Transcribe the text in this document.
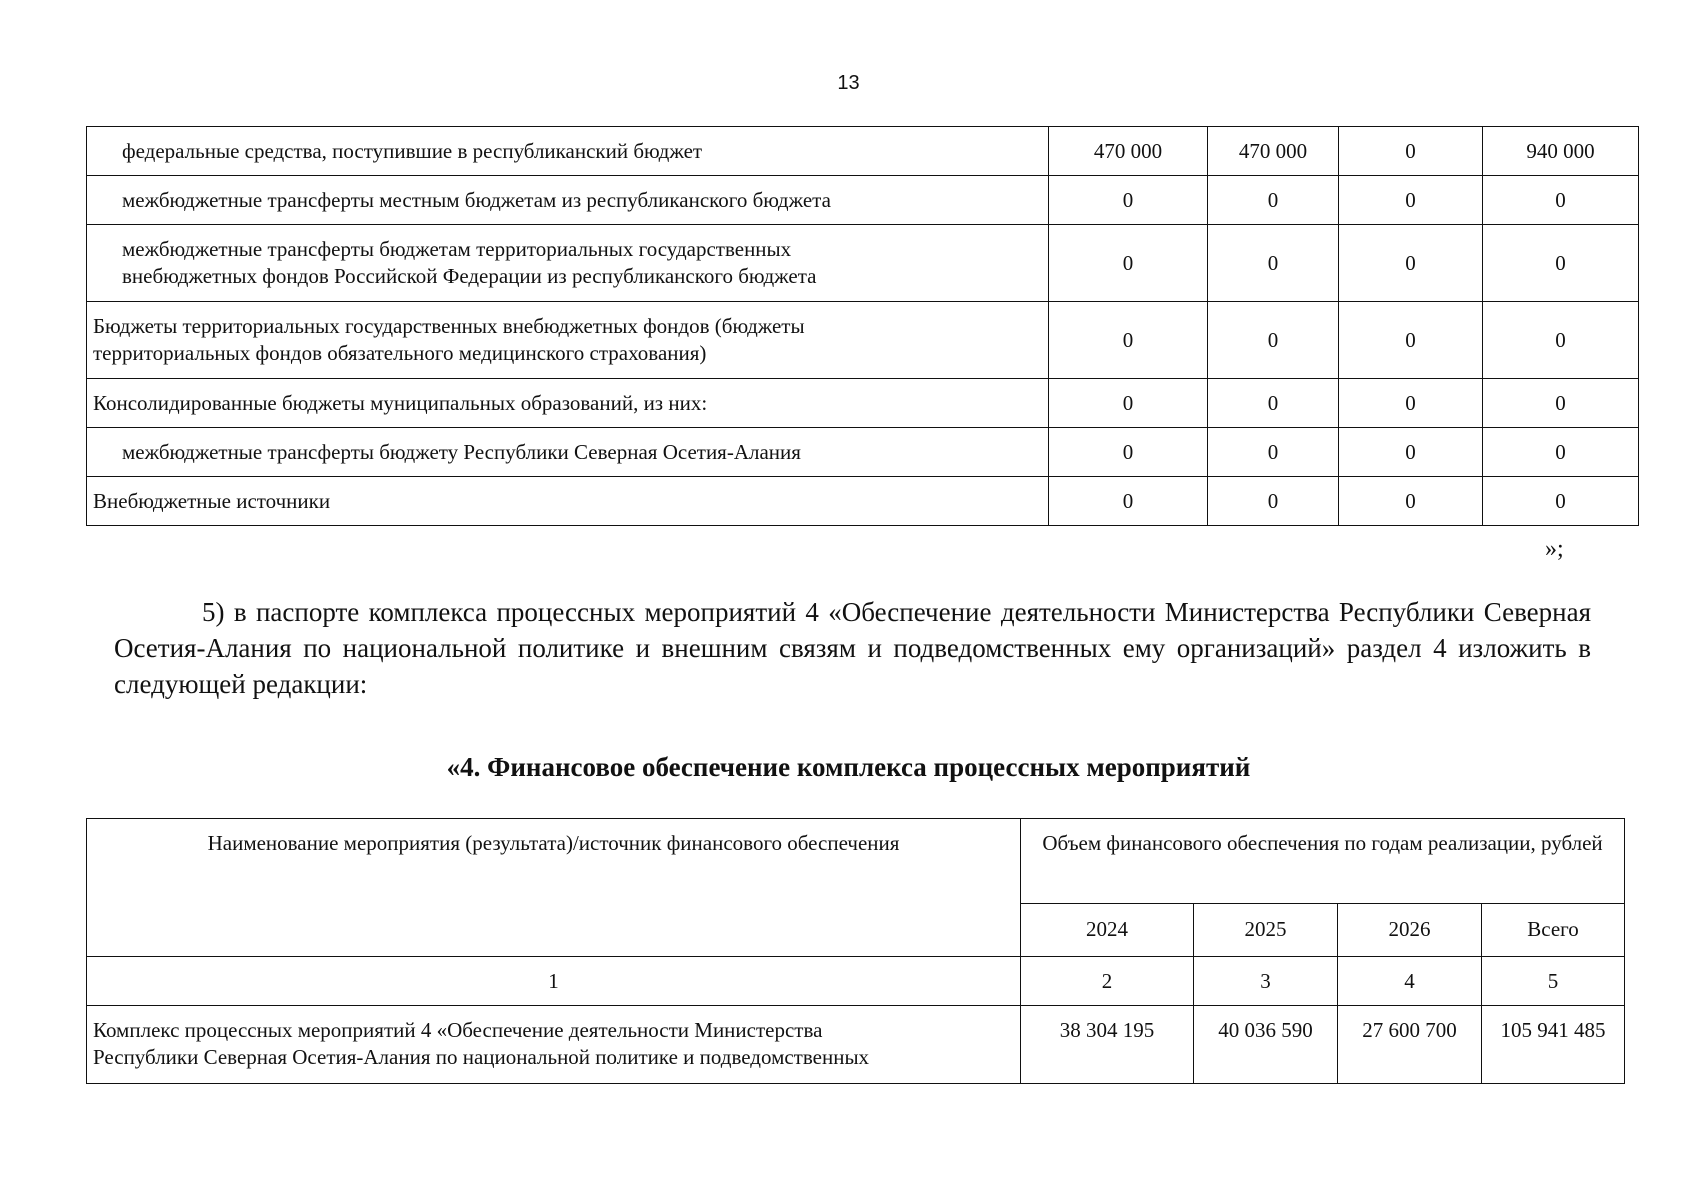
13
федеральные средства, поступившие в республиканский бюджет	470 000	470 000	0	940 000
межбюджетные трансферты местным бюджетам из республиканского бюджета	0	0	0	0
межбюджетные трансферты бюджетам территориальных государственных
внебюджетных фондов Российской Федерации из республиканского бюджета	0	0	0	0
Бюджеты территориальных государственных внебюджетных фондов (бюджеты
территориальных фондов обязательного медицинского страхования)	0	0	0	0
Консолидированные бюджеты муниципальных образований, из них:	0	0	0	0
межбюджетные трансферты бюджету Республики Северная Осетия-Алания	0	0	0	0
Внебюджетные источники	0	0	0	0
»;

5) в паспорте комплекса процессных мероприятий 4 «Обеспечение деятельности Министерства Республики Северная Осетия-Алания по национальной политике и внешним связям и подведомственных ему организаций» раздел 4 изложить в следующей редакции:

«4. Финансовое обеспечение комплекса процессных мероприятий

Наименование мероприятия (результата)/источник финансового обеспечения	Объем финансового обеспечения по годам реализации, рублей			
	2024	2025	2026	Всего
1	2	3	4	5
Комплекс процессных мероприятий 4 «Обеспечение деятельности Министерства
Республики Северная Осетия-Алания по национальной политике и подведомственных	38 304 195	40 036 590	27 600 700	105 941 485
